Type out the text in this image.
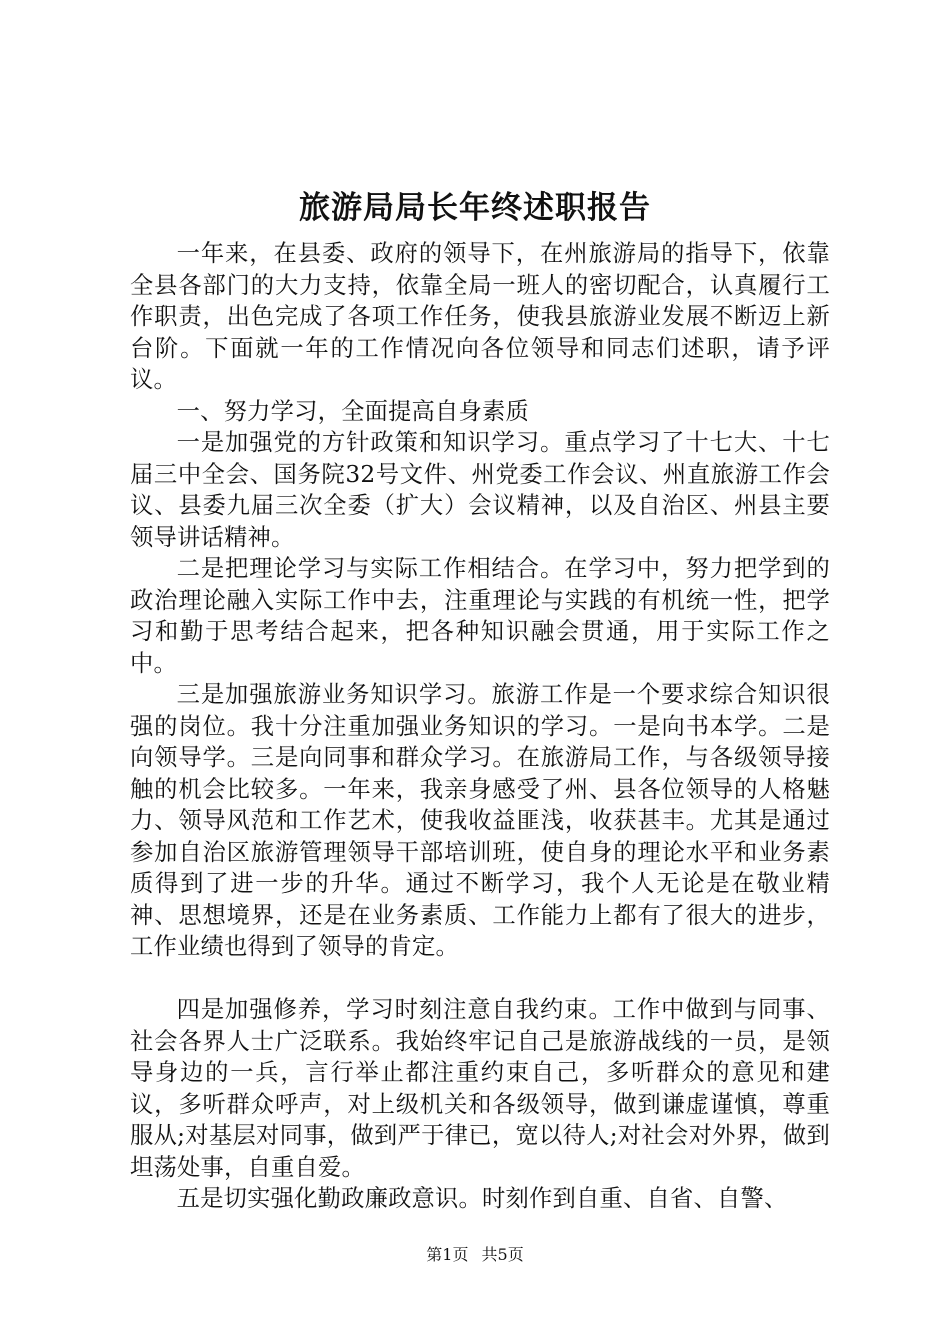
旅游局局长年终述职报告

一年来，在县委、政府的领导下，在州旅游局的指导下，依靠全县各部门的大力支持，依靠全局一班人的密切配合，认真履行工作职责，出色完成了各项工作任务，使我县旅游业发展不断迈上新台阶。下面就一年的工作情况向各位领导和同志们述职，请予评议。

一、努力学习，全面提高自身素质

一是加强党的方针政策和知识学习。重点学习了十七大、十七届三中全会、国务院32号文件、州党委工作会议、州直旅游工作会议、县委九届三次全委（扩大）会议精神，以及自治区、州县主要领导讲话精神。

二是把理论学习与实际工作相结合。在学习中，努力把学到的政治理论融入实际工作中去，注重理论与实践的有机统一性，把学习和勤于思考结合起来，把各种知识融会贯通，用于实际工作之中。

三是加强旅游业务知识学习。旅游工作是一个要求综合知识很强的岗位。我十分注重加强业务知识的学习。一是向书本学。二是向领导学。三是向同事和群众学习。在旅游局工作，与各级领导接触的机会比较多。一年来，我亲身感受了州、县各位领导的人格魅力、领导风范和工作艺术，使我收益匪浅，收获甚丰。尤其是通过参加自治区旅游管理领导干部培训班，使自身的理论水平和业务素质得到了进一步的升华。通过不断学习，我个人无论是在敬业精神、思想境界，还是在业务素质、工作能力上都有了很大的进步，工作业绩也得到了领导的肯定。

四是加强修养，学习时刻注意自我约束。工作中做到与同事、社会各界人士广泛联系。我始终牢记自己是旅游战线的一员，是领导身边的一兵，言行举止都注重约束自己，多听群众的意见和建议，多听群众呼声，对上级机关和各级领导，做到谦虚谨慎，尊重服从;对基层对同事，做到严于律已，宽以待人;对社会对外界，做到坦荡处事，自重自爱。

五是切实强化勤政廉政意识。时刻作到自重、自省、自警、

第1页 共5页
